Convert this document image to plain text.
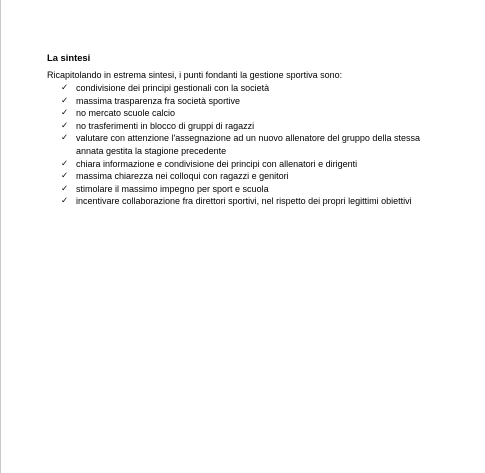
La sintesi

Ricapitolando in estrema sintesi, i punti fondanti la gestione sportiva sono:

✓ condivisione dei principi gestionali con la società
✓ massima trasparenza fra società sportive
✓ no mercato scuole calcio
✓ no trasferimenti in blocco di gruppi di ragazzi
✓ valutare con attenzione l'assegnazione ad un nuovo allenatore del gruppo della stessa annata gestita la stagione precedente
✓ chiara informazione e condivisione dei principi con allenatori e dirigenti
✓ massima chiarezza nei colloqui con ragazzi e genitori
✓ stimolare il massimo impegno per sport e scuola
✓ incentivare collaborazione fra direttori sportivi, nel rispetto dei propri legittimi obiettivi
